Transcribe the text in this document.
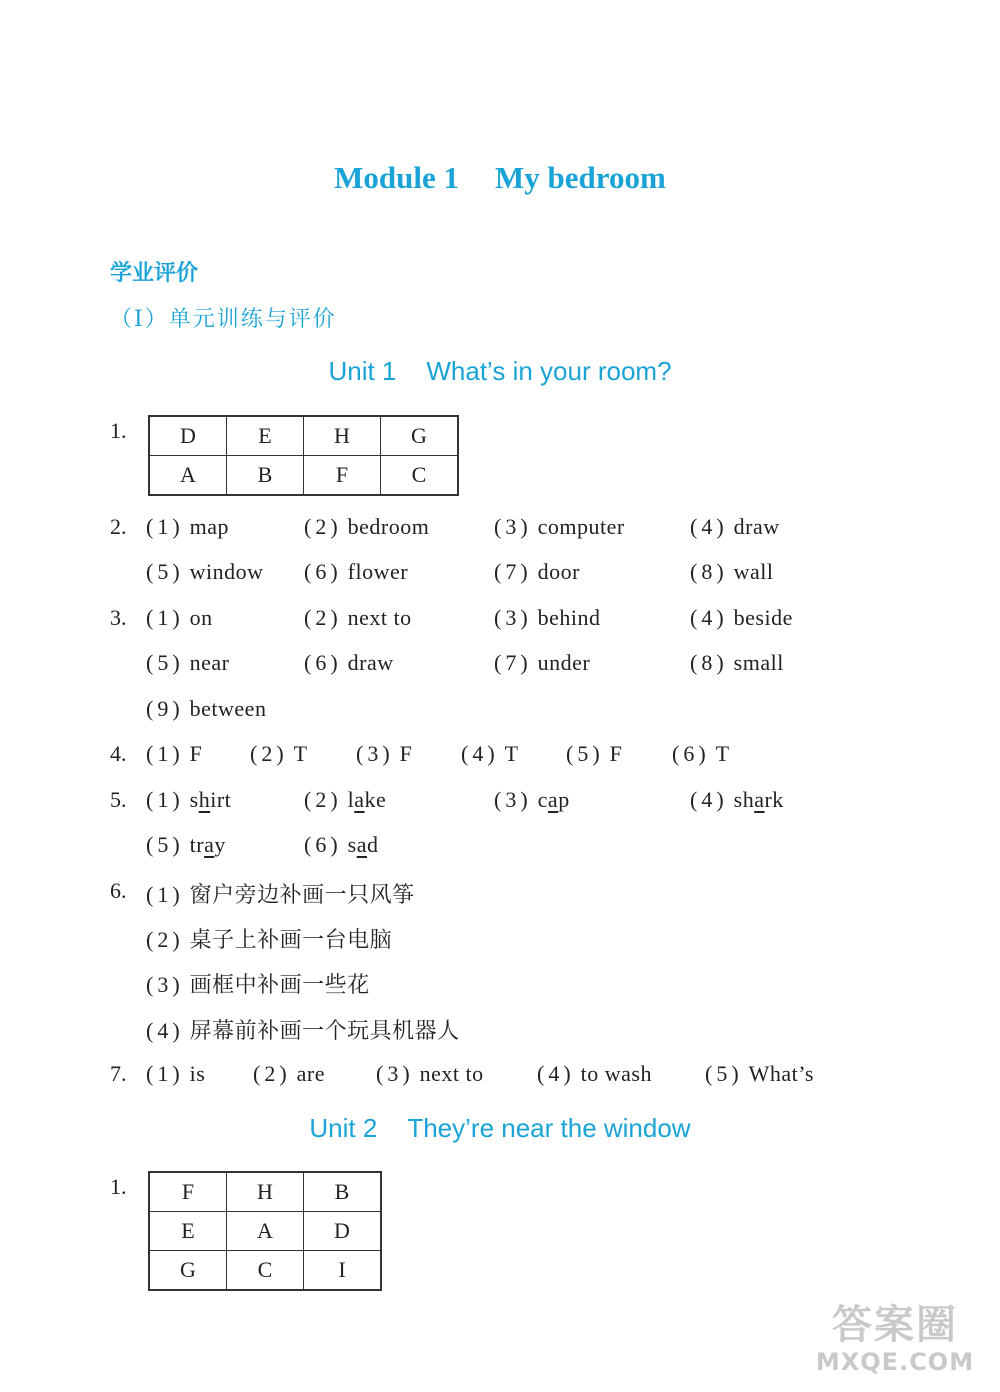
Module 1 My bedroom
学业评价
（Ⅰ）单元训练与评价
Unit 1 What’s in your room?
1. D	E	H	G
A	B	F	C
2. (1) map	(2) bedroom	(3) computer	(4) draw
(5) window (6) flower	(7) door	(8) wall
3. (1) on	(2) next to	(3) behind	(4) beside
(5) near	(6) draw	(7) under	(8) small
(9) between
4. (1) F (2) T (3) F (4) T (5) F (6) T
5. (1) shirt	(2) lake	(3) cap	(4) shark
(5) tray	(6) sad
6. (1) 窗户旁边补画一只风筝
(2) 桌子上补画一台电脑
(3) 画框中补画一些花
(4) 屏幕前补画一个玩具机器人
7. (1) is (2) are (3) next to (4) to wash (5) What’s
Unit 2 They’re near the window
1.	F	H	B
E	A	D
G	C	I
答案圈
MXQE.COM
